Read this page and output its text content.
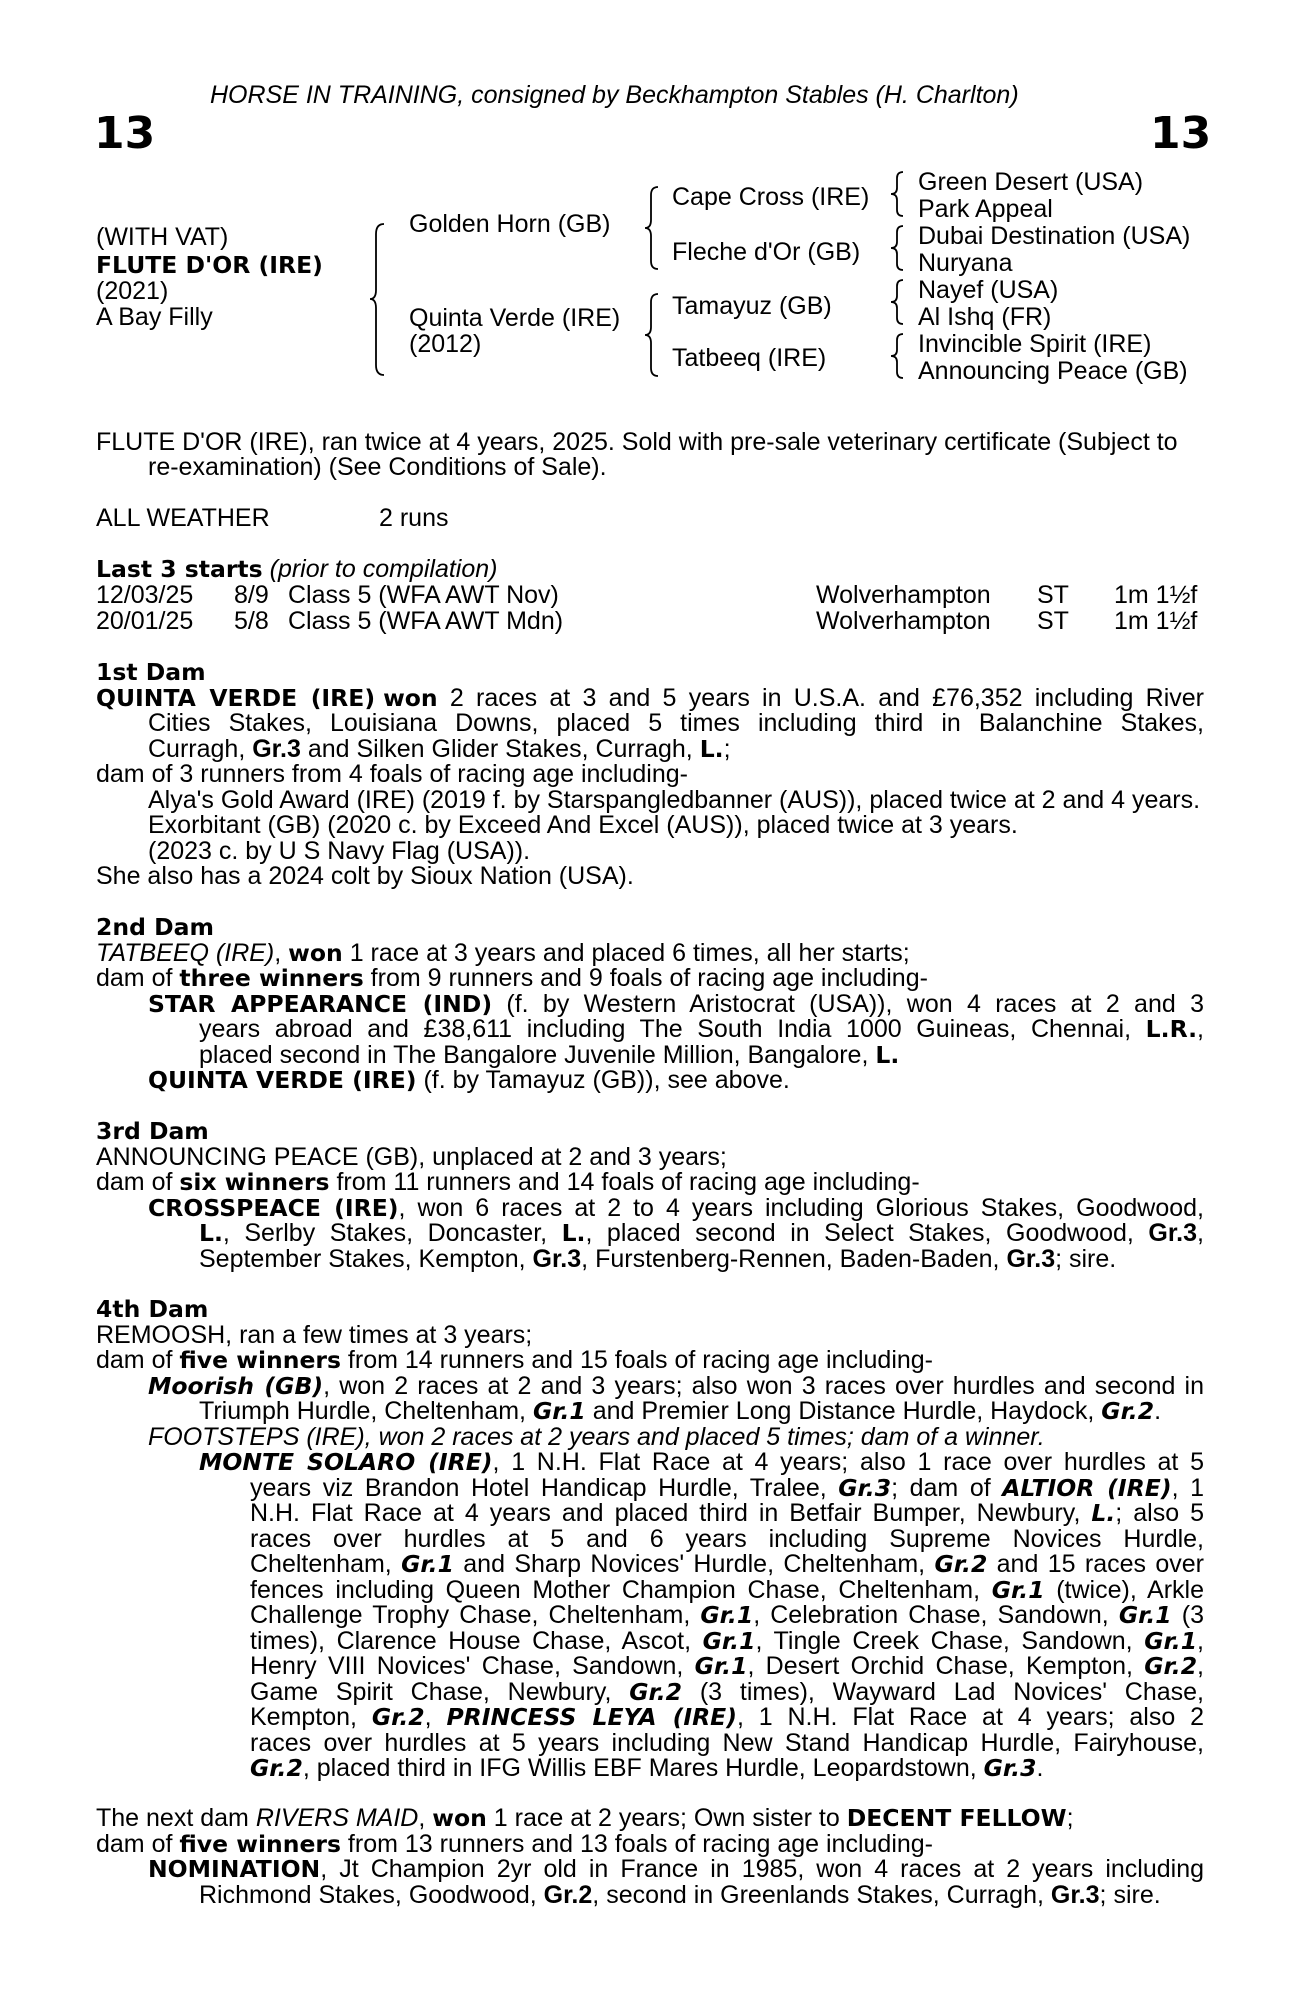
HORSE IN TRAINING, consigned by Beckhampton Stables (H. Charlton)
13	13
(WITH VAT)
FLUTE D'OR (IRE)
(2021)
A Bay Filly
Golden Horn (GB)
Quinta Verde (IRE)
(2012)
Cape Cross (IRE)
Fleche d'Or (GB)
Tamayuz (GB)
Tatbeeq (IRE)
Green Desert (USA)
Park Appeal
Dubai Destination (USA)
Nuryana
Nayef (USA)
Al Ishq (FR)
Invincible Spirit (IRE)
Announcing Peace (GB)
FLUTE D'OR (IRE), ran twice at 4 years, 2025. Sold with pre-sale veterinary certificate (Subject to
re-examination) (See Conditions of Sale).
ALL WEATHER	2 runs
Last 3 starts (prior to compilation)
12/03/25 8/9 Class 5 (WFA AWT Nov)	Wolverhampton ST 1m 1½f
20/01/25 5/8 Class 5 (WFA AWT Mdn)	Wolverhampton ST 1m 1½f
1st Dam
QUINTA VERDE (IRE) won 2 races at 3 and 5 years in U.S.A. and £76,352 including River
Cities Stakes, Louisiana Downs, placed 5 times including third in Balanchine Stakes,
Curragh, Gr.3 and Silken Glider Stakes, Curragh, L.;
dam of 3 runners from 4 foals of racing age including-
Alya's Gold Award (IRE) (2019 f. by Starspangledbanner (AUS)), placed twice at 2 and 4 years.
Exorbitant (GB) (2020 c. by Exceed And Excel (AUS)), placed twice at 3 years.
(2023 c. by U S Navy Flag (USA)).
She also has a 2024 colt by Sioux Nation (USA).
2nd Dam
TATBEEQ (IRE), won 1 race at 3 years and placed 6 times, all her starts;
dam of three winners from 9 runners and 9 foals of racing age including-
STAR APPEARANCE (IND) (f. by Western Aristocrat (USA)), won 4 races at 2 and 3
years abroad and £38,611 including The South India 1000 Guineas, Chennai, L.R.,
placed second in The Bangalore Juvenile Million, Bangalore, L.
QUINTA VERDE (IRE) (f. by Tamayuz (GB)), see above.
3rd Dam
ANNOUNCING PEACE (GB), unplaced at 2 and 3 years;
dam of six winners from 11 runners and 14 foals of racing age including-
CROSSPEACE (IRE), won 6 races at 2 to 4 years including Glorious Stakes, Goodwood,
L., Serlby Stakes, Doncaster, L., placed second in Select Stakes, Goodwood, Gr.3,
September Stakes, Kempton, Gr.3, Furstenberg-Rennen, Baden-Baden, Gr.3; sire.
4th Dam
REMOOSH, ran a few times at 3 years;
dam of five winners from 14 runners and 15 foals of racing age including-
Moorish (GB), won 2 races at 2 and 3 years; also won 3 races over hurdles and second in
Triumph Hurdle, Cheltenham, Gr.1 and Premier Long Distance Hurdle, Haydock, Gr.2.
FOOTSTEPS (IRE), won 2 races at 2 years and placed 5 times; dam of a winner.
MONTE SOLARO (IRE), 1 N.H. Flat Race at 4 years; also 1 race over hurdles at 5
years viz Brandon Hotel Handicap Hurdle, Tralee, Gr.3; dam of ALTIOR (IRE), 1
N.H. Flat Race at 4 years and placed third in Betfair Bumper, Newbury, L.; also 5
races over hurdles at 5 and 6 years including Supreme Novices Hurdle,
Cheltenham, Gr.1 and Sharp Novices' Hurdle, Cheltenham, Gr.2 and 15 races over
fences including Queen Mother Champion Chase, Cheltenham, Gr.1 (twice), Arkle
Challenge Trophy Chase, Cheltenham, Gr.1, Celebration Chase, Sandown, Gr.1 (3
times), Clarence House Chase, Ascot, Gr.1, Tingle Creek Chase, Sandown, Gr.1,
Henry VIII Novices' Chase, Sandown, Gr.1, Desert Orchid Chase, Kempton, Gr.2,
Game Spirit Chase, Newbury, Gr.2 (3 times), Wayward Lad Novices' Chase,
Kempton, Gr.2, PRINCESS LEYA (IRE), 1 N.H. Flat Race at 4 years; also 2
races over hurdles at 5 years including New Stand Handicap Hurdle, Fairyhouse,
Gr.2, placed third in IFG Willis EBF Mares Hurdle, Leopardstown, Gr.3.
The next dam RIVERS MAID, won 1 race at 2 years; Own sister to DECENT FELLOW;
dam of five winners from 13 runners and 13 foals of racing age including-
NOMINATION, Jt Champion 2yr old in France in 1985, won 4 races at 2 years including
Richmond Stakes, Goodwood, Gr.2, second in Greenlands Stakes, Curragh, Gr.3; sire.
